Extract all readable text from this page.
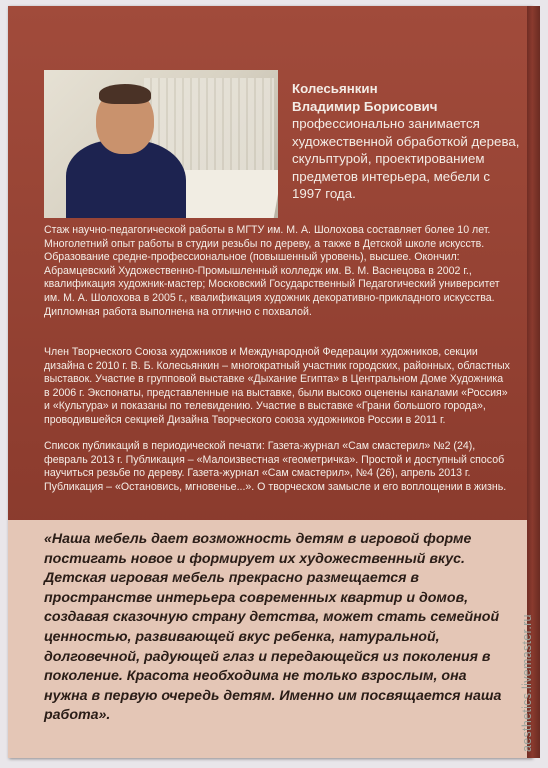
Колесьянкин
Владимир Борисович
профессионально занимается художественной обработкой дерева, скульптурой, проектированием предметов интерьера, мебели с 1997 года.

Стаж научно-педагогической работы в МГТУ им. М. А. Шолохова составляет более 10 лет. Многолетний опыт работы в студии резьбы по дереву, а также в Детской школе искусств. Образование средне-профессиональное (повышенный уровень), высшее. Окончил: Абрамцевский Художественно-Промышленный колледж им. В. М. Васнецова в 2002 г., квалификация художник-мастер; Московский Государственный Педагогический университет им. М. А. Шолохова в 2005 г., квалификация художник декоративно-прикладного искусства. Дипломная работа выполнена на отлично с похвалой.

Член Творческого Союза художников и Международной Федерации художников, секции дизайна с 2010 г. В. Б. Колесьянкин – многократный участник городских, районных, областных выставок. Участие в групповой выставке «Дыхание Египта» в Центральном Доме Художника в 2006 г. Экспонаты, представленные на выставке, были высоко оценены каналами «Россия» и «Культура» и показаны по телевидению. Участие в выставке «Грани большого города», проводившейся секцией Дизайна Творческого союза художников России в 2011 г.

Список публикаций в периодической печати: Газета-журнал «Сам смастерил» №2 (24), февраль 2013 г. Публикация – «Малоизвестная «геометричка». Простой и доступный способ научиться резьбе по дереву. Газета-журнал «Сам смастерил», №4 (26), апрель 2013 г. Публикация – «Остановись, мгновенье...». О творческом замысле и его воплощении в жизнь.

«Наша мебель дает возможность детям в игровой форме постигать новое и формирует их художественный вкус. Детская игровая мебель прекрасно размещается в пространстве интерьера современных квартир и домов, создавая сказочную страну детства, может стать семейной ценностью, развивающей вкус ребенка, натуральной, долговечной, радующей глаз и передающейся из поколения в поколение. Красота необходима не только взрослым, она нужна в первую очередь детям. Именно им посвящается наша работа».	aesthetics.livemaster.ru
